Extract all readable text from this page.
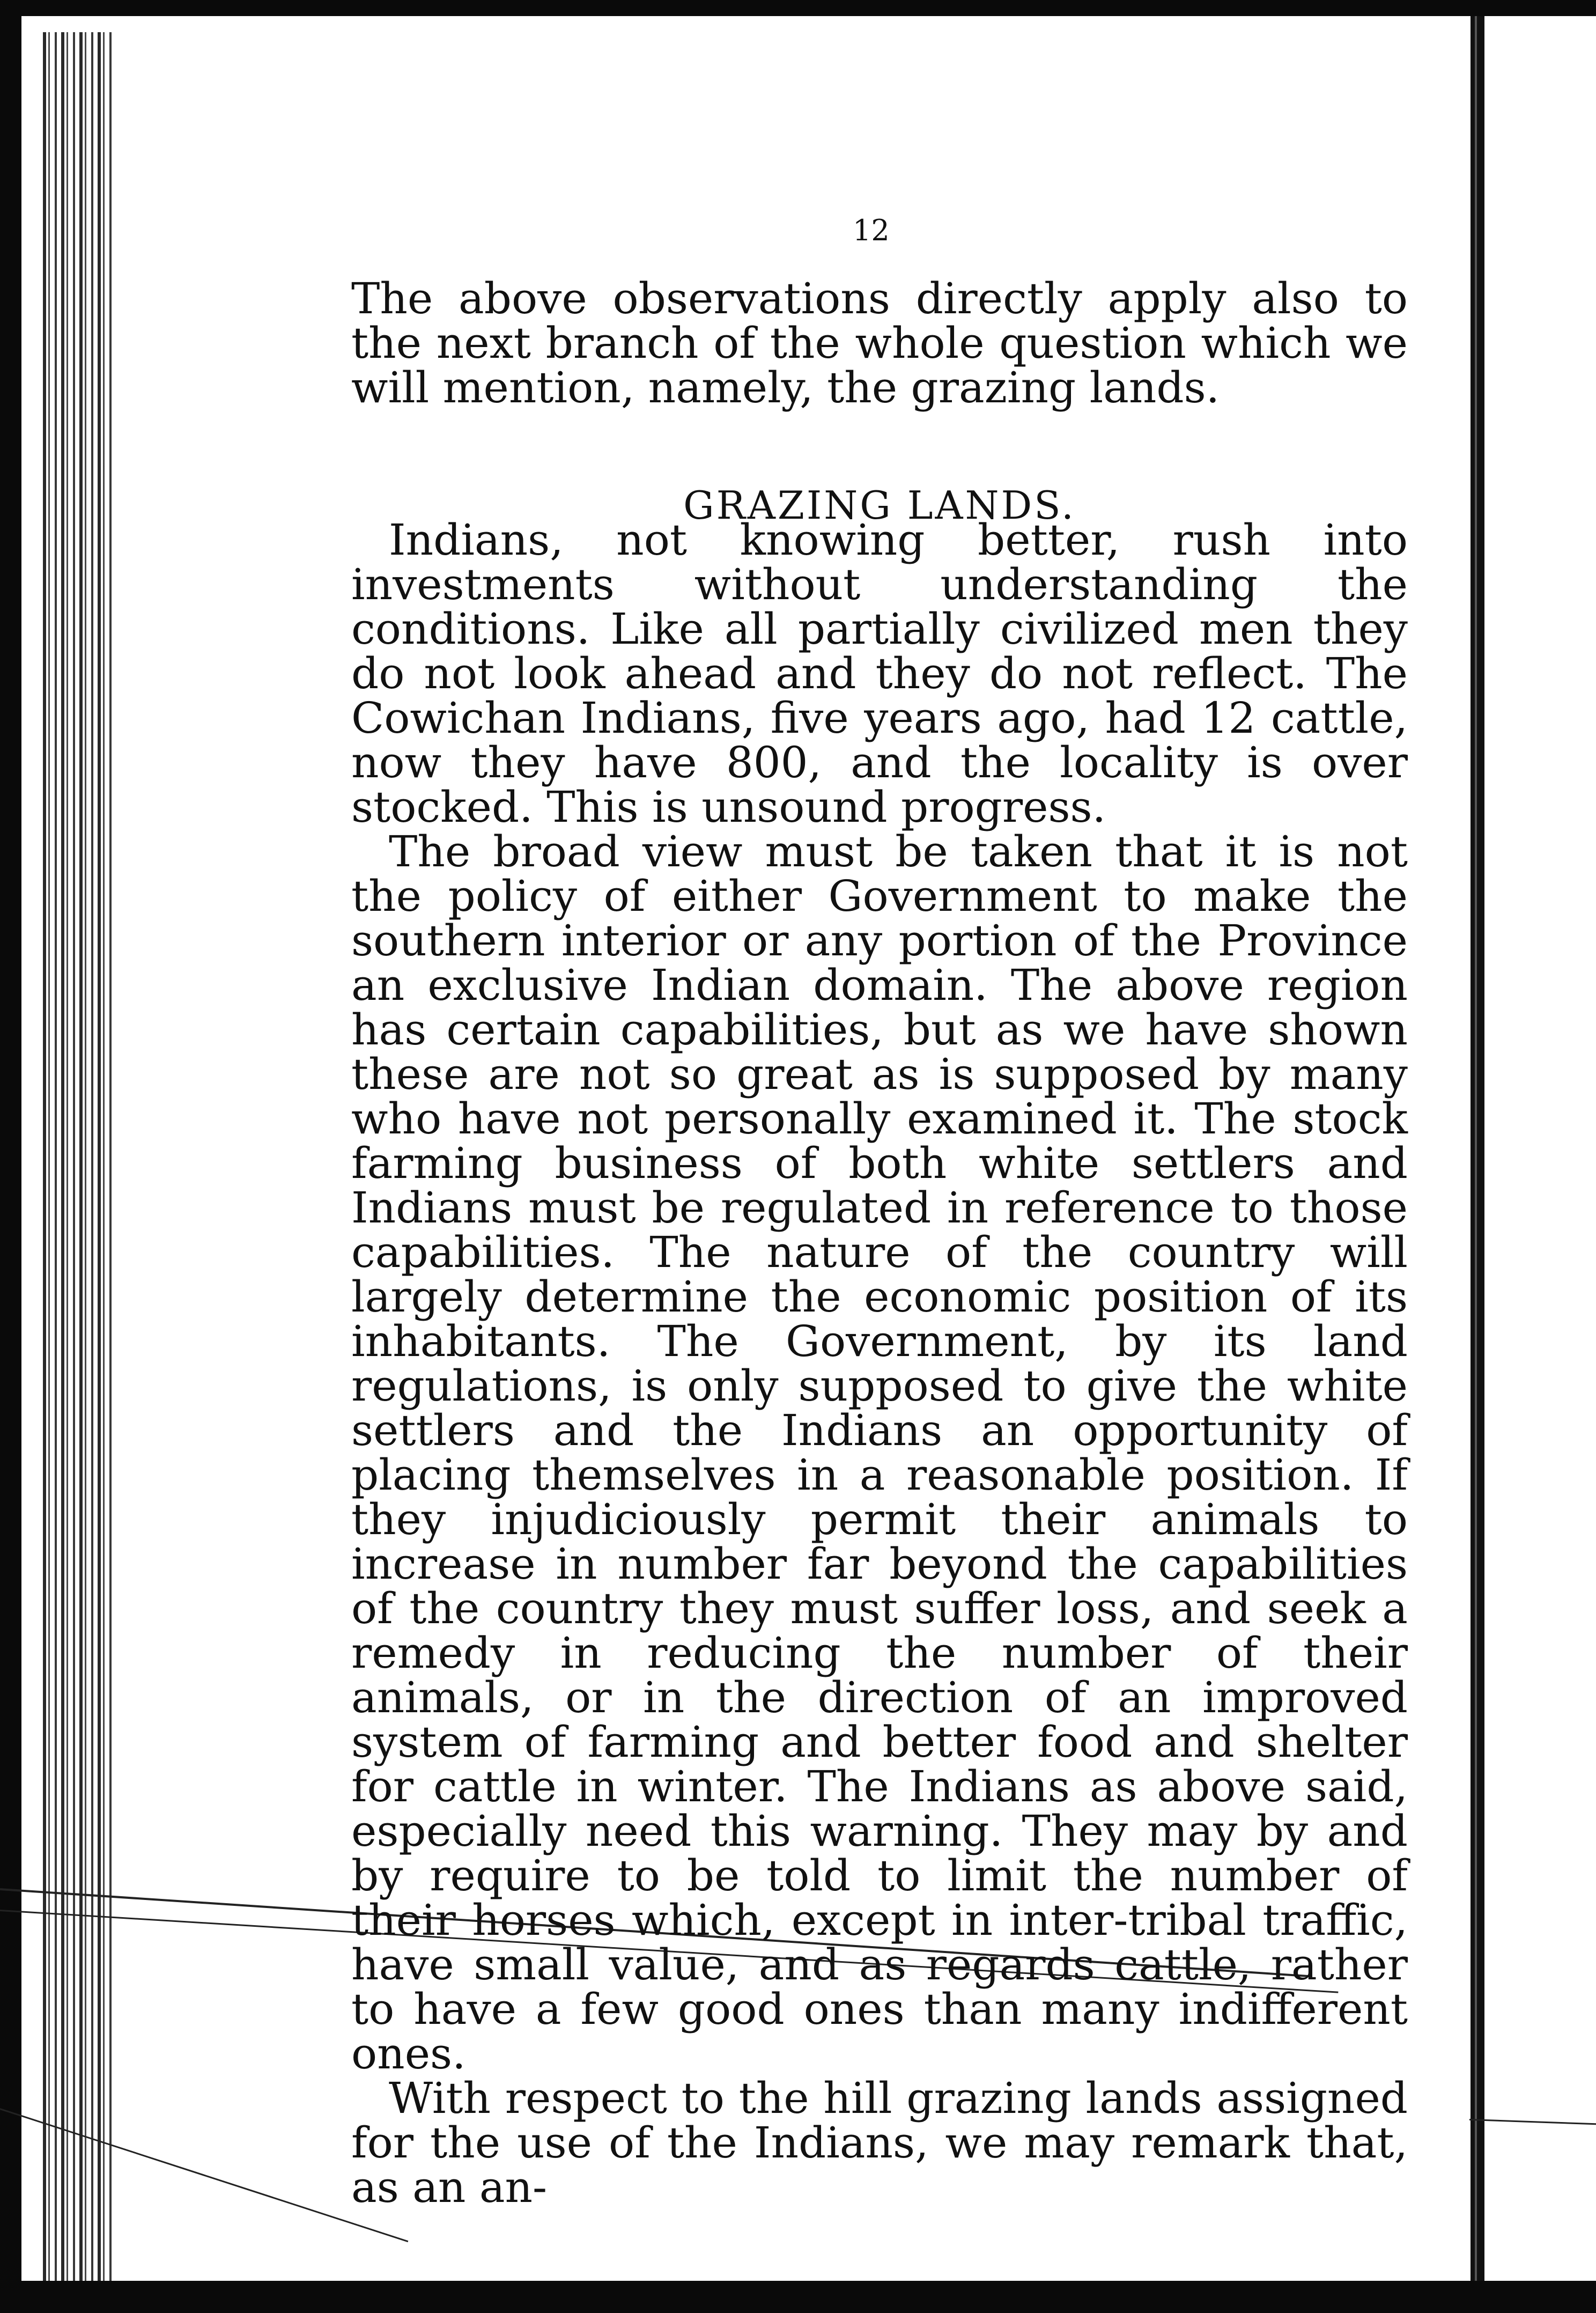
12

The above observations directly apply also to the next branch of the whole question which we will mention, namely, the grazing lands.

GRAZING LANDS.

Indians, not knowing better, rush into investments without understanding the conditions. Like all partially civilized men they do not look ahead and they do not reflect. The Cowichan Indians, five years ago, had 12 cattle, now they have 800, and the locality is over stocked. This is unsound progress.

The broad view must be taken that it is not the policy of either Government to make the southern interior or any portion of the Province an exclusive Indian domain. The above region has certain capabilities, but as we have shown these are not so great as is supposed by many who have not personally examined it. The stock farming business of both white settlers and Indians must be regulated in reference to those capabilities. The nature of the country will largely determine the economic position of its inhabitants. The Government, by its land regulations, is only supposed to give the white settlers and the Indians an opportunity of placing themselves in a reasonable position. If they injudiciously permit their animals to increase in number far beyond the capabilities of the country they must suffer loss, and seek a remedy in reducing the number of their animals, or in the direction of an improved system of farming and better food and shelter for cattle in winter. The Indians as above said, especially need this warning. They may by and by require to be told to limit the number of their horses which, except in inter-tribal traffic, have small value, and as regards cattle, rather to have a few good ones than many indifferent ones.

With respect to the hill grazing lands assigned for the use of the Indians, we may remark that, as an an-
